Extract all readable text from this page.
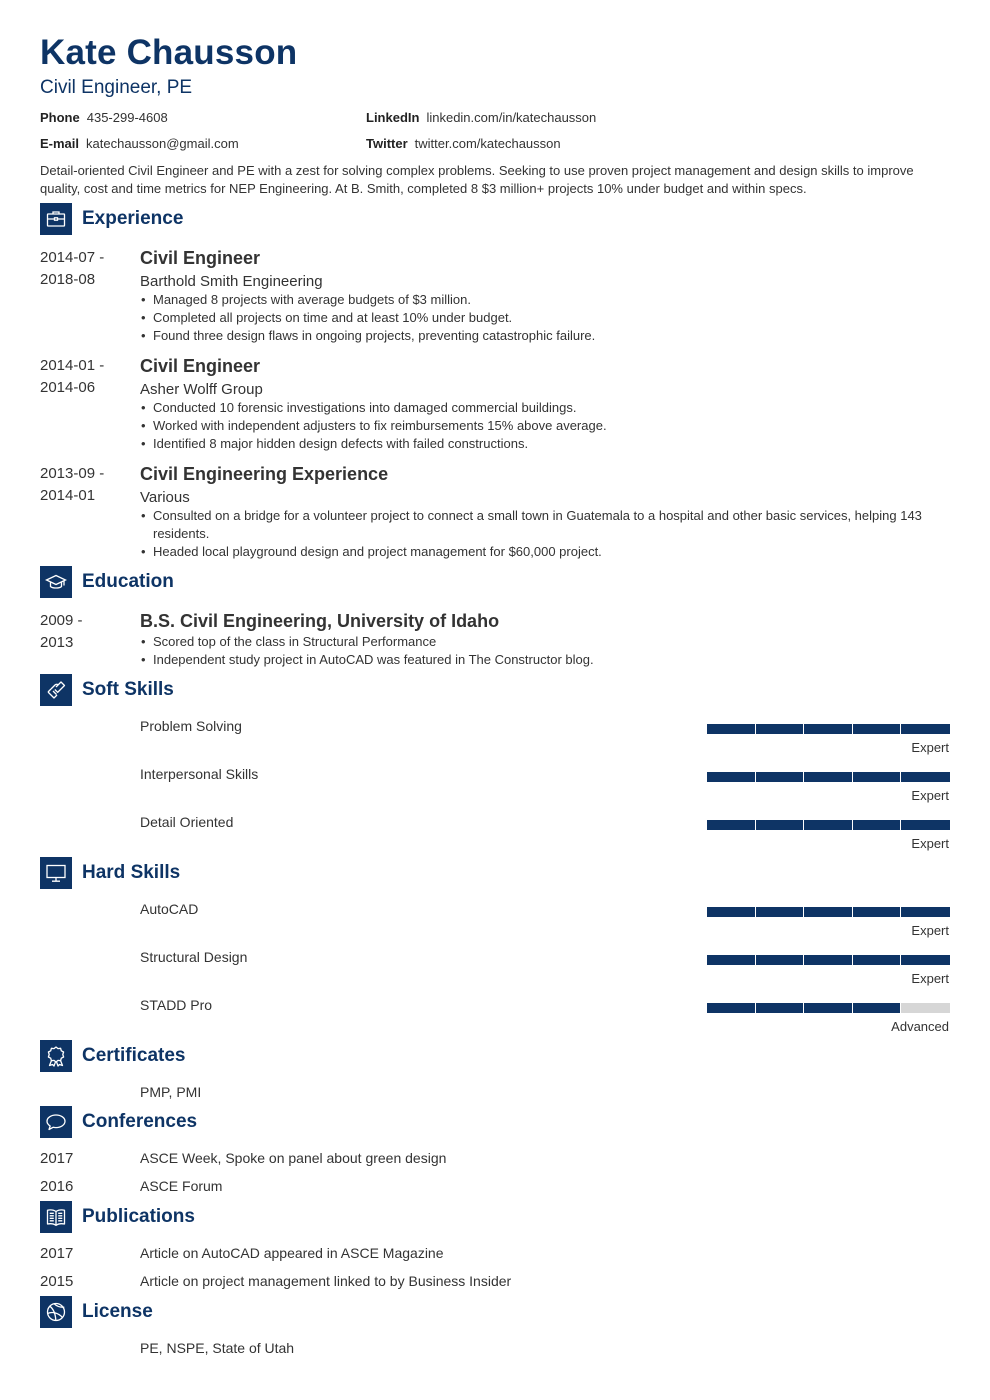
Kate Chausson
Civil Engineer, PE
Phone 435-299-4608	LinkedIn linkedin.com/in/katechausson
E-mail katechausson@gmail.com	Twitter twitter.com/katechausson
Detail-oriented Civil Engineer and PE with a zest for solving complex problems. Seeking to use proven project management and design skills to improve quality, cost and time metrics for NEP Engineering. At B. Smith, completed 8 $3 million+ projects 10% under budget and within specs.
Experience
2014-07 -
2018-08
Civil Engineer
Barthold Smith Engineering
• Managed 8 projects with average budgets of $3 million.
• Completed all projects on time and at least 10% under budget.
• Found three design flaws in ongoing projects, preventing catastrophic failure.
2014-01 -
2014-06
Civil Engineer
Asher Wolff Group
• Conducted 10 forensic investigations into damaged commercial buildings.
• Worked with independent adjusters to fix reimbursements 15% above average.
• Identified 8 major hidden design defects with failed constructions.
2013-09 -
2014-01
Civil Engineering Experience
Various
• Consulted on a bridge for a volunteer project to connect a small town in Guatemala to a hospital and other basic services, helping 143 residents.
• Headed local playground design and project management for $60,000 project.
Education
2009 -
2013
B.S. Civil Engineering, University of Idaho
• Scored top of the class in Structural Performance
• Independent study project in AutoCAD was featured in The Constructor blog.
Soft Skills
Problem Solving
Expert
Interpersonal Skills
Expert
Detail Oriented
Expert
Hard Skills
AutoCAD
Expert
Structural Design
Expert
STADD Pro
Advanced
Certificates
PMP, PMI
Conferences
2017	ASCE Week, Spoke on panel about green design
2016	ASCE Forum
Publications
2017	Article on AutoCAD appeared in ASCE Magazine
2015	Article on project management linked to by Business Insider
License
PE, NSPE, State of Utah
